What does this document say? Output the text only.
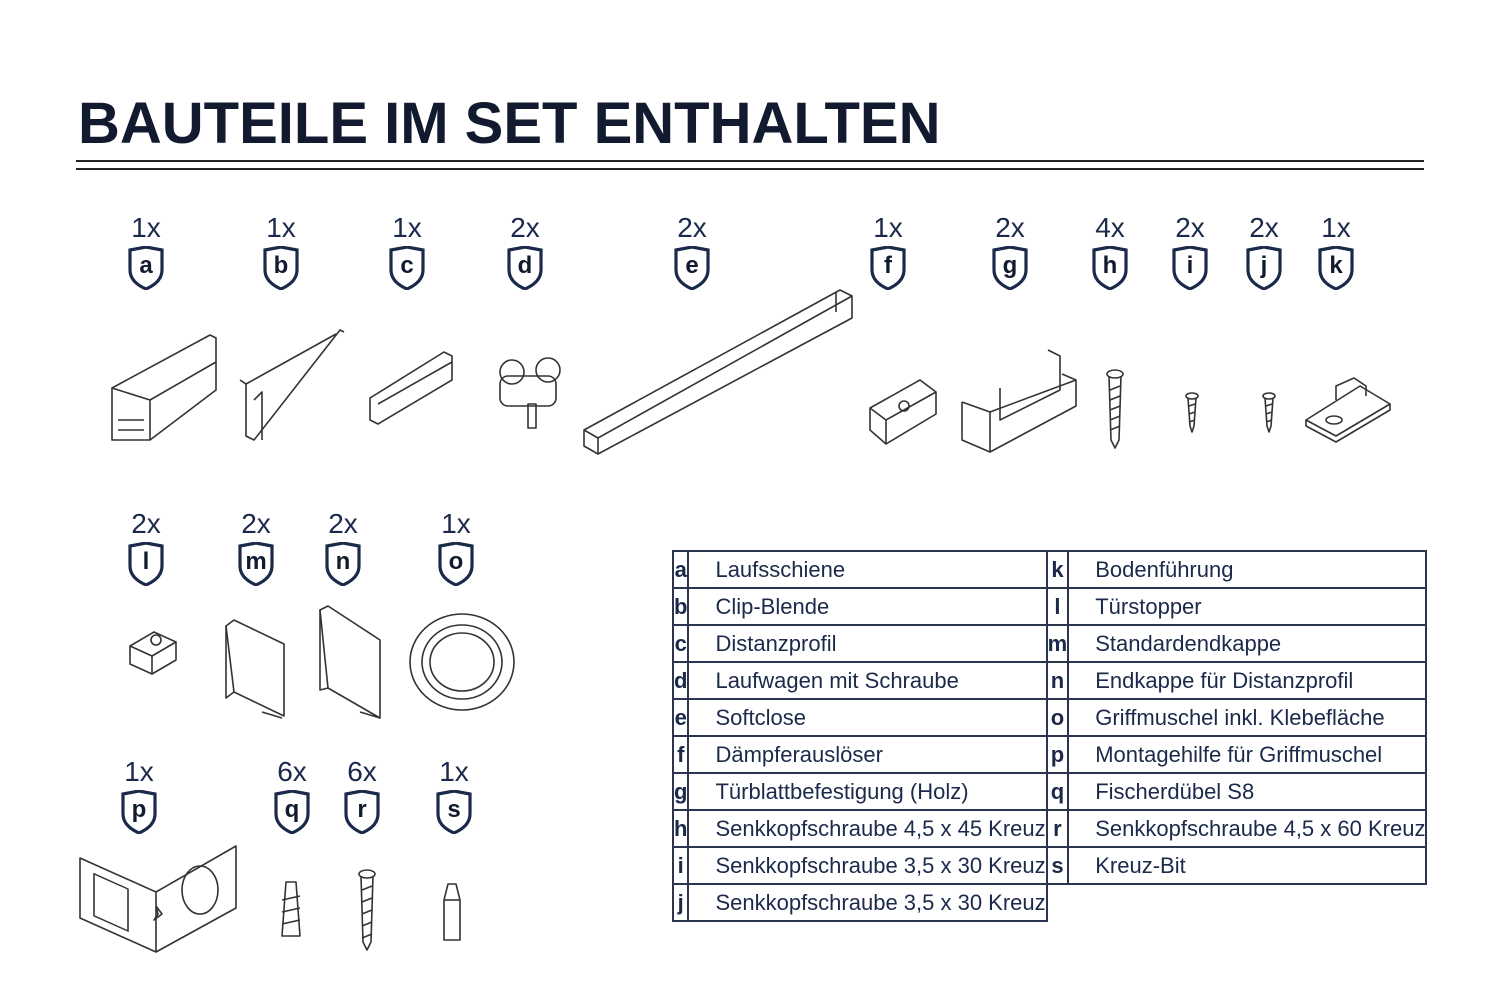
BAUTEILE IM SET ENTHALTEN
1x
a
1x
b
1x
c
2x
d
2x
e
1x
f
2x
g
4x
h
2x
i
2x
j
1x
k
2x
l
2x
m
2x
n
1x
o
1x
p
6x
q
6x
r
1x
s
a	Laufsschiene	k	Bodenführung
b	Clip-Blende	l	Türstopper
c	Distanzprofil	m	Standardendkappe
d	Laufwagen mit Schraube	n	Endkappe für Distanzprofil
e	Softclose	o	Griffmuschel inkl. Klebefläche
f	Dämpferauslöser	p	Montagehilfe für Griffmuschel
g	Türblattbefestigung (Holz)	q	Fischerdübel S8
h	Senkkopfschraube 4,5 x 45 Kreuz	r	Senkkopfschraube 4,5 x 60 Kreuz
i	Senkkopfschraube 3,5 x 30 Kreuz	s	Kreuz-Bit
j	Senkkopfschraube 3,5 x 30 Kreuz		
